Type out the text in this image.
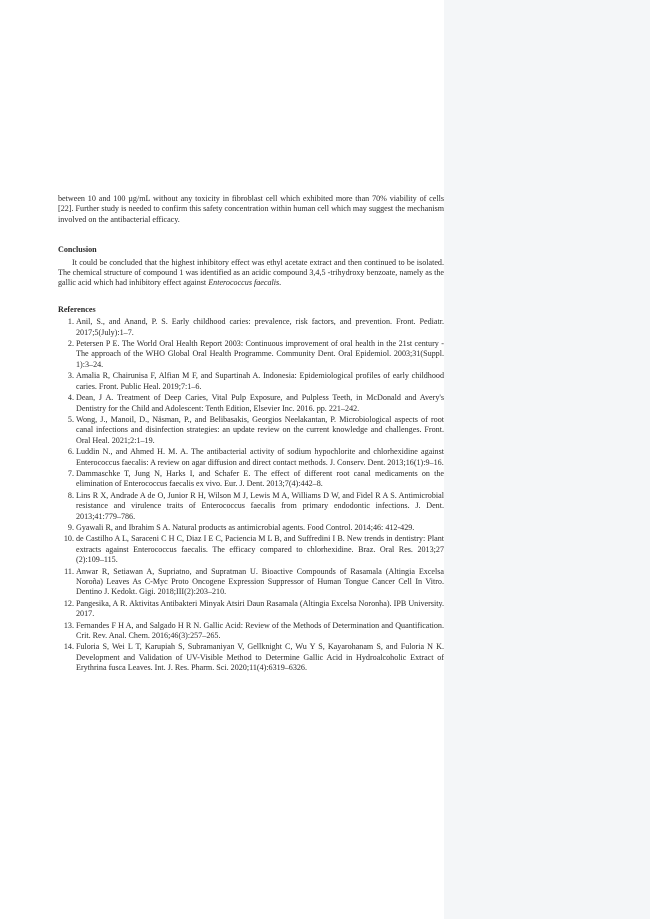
between 10 and 100 µg/mL without any toxicity in fibroblast cell which exhibited more than 70% viability of cells [22]. Further study is needed to confirm this safety concentration within human cell which may suggest the mechanism involved on the antibacterial efficacy.

Conclusion

It could be concluded that the highest inhibitory effect was ethyl acetate extract and then continued to be isolated. The chemical structure of compound 1 was identified as an acidic compound 3,4,5 -trihydroxy benzoate, namely as the gallic acid which had inhibitory effect against Enterococcus faecalis.

References
1. Anil, S., and Anand, P. S. Early childhood caries: prevalence, risk factors, and prevention. Front. Pediatr. 2017;5(July):1–7.
2. Petersen P E. The World Oral Health Report 2003: Continuous improvement of oral health in the 21st century - The approach of the WHO Global Oral Health Programme. Community Dent. Oral Epidemiol. 2003;31(Suppl. 1):3–24.
3. Amalia R, Chairunisa F, Alfian M F, and Supartinah A. Indonesia: Epidemiological profiles of early childhood caries. Front. Public Heal. 2019;7:1–6.
4. Dean, J A. Treatment of Deep Caries, Vital Pulp Exposure, and Pulpless Teeth, in McDonald and Avery's Dentistry for the Child and Adolescent: Tenth Edition, Elsevier Inc. 2016. pp. 221–242.
5. Wong, J., Manoil, D., Näsman, P., and Belibasakis, Georgios Neelakantan, P. Microbiological aspects of root canal infections and disinfection strategies: an update review on the current knowledge and challenges. Front. Oral Heal. 2021;2:1–19.
6. Luddin N., and Ahmed H. M. A. The antibacterial activity of sodium hypochlorite and chlorhexidine against Enterococcus faecalis: A review on agar diffusion and direct contact methods. J. Conserv. Dent. 2013;16(1):9–16.
7. Dammaschke T, Jung N, Harks I, and Schafer E. The effect of different root canal medicaments on the elimination of Enterococcus faecalis ex vivo. Eur. J. Dent. 2013;7(4):442–8.
8. Lins R X, Andrade A de O, Junior R H, Wilson M J, Lewis M A, Williams D W, and Fidel R A S. Antimicrobial resistance and virulence traits of Enterococcus faecalis from primary endodontic infections. J. Dent. 2013;41:779–786.
9. Gyawali R, and Ibrahim S A. Natural products as antimicrobial agents. Food Control. 2014;46: 412-429.
10. de Castilho A L, Saraceni C H C, Diaz I E C, Paciencia M L B, and Suffredini I B. New trends in dentistry: Plant extracts against Enterococcus faecalis. The efficacy compared to chlorhexidine. Braz. Oral Res. 2013;27 (2):109–115.
11. Anwar R, Setiawan A, Supriatno, and Supratman U. Bioactive Compounds of Rasamala (Altingia Excelsa Noroña) Leaves As C-Myc Proto Oncogene Expression Suppressor of Human Tongue Cancer Cell In Vitro. Dentino J. Kedokt. Gigi. 2018;III(2):203–210.
12. Pangesika, A R. Aktivitas Antibakteri Minyak Atsiri Daun Rasamala (Altingia Excelsa Noronha). IPB University. 2017.
13. Fernandes F H A, and Salgado H R N. Gallic Acid: Review of the Methods of Determination and Quantification. Crit. Rev. Anal. Chem. 2016;46(3):257–265.
14. Fuloria S, Wei L T, Karupiah S, Subramaniyan V, Gellknight C, Wu Y S, Kayarohanam S, and Fuloria N K. Development and Validation of UV-Visible Method to Determine Gallic Acid in Hydroalcoholic Extract of Erythrina fusca Leaves. Int. J. Res. Pharm. Sci. 2020;11(4):6319–6326.
